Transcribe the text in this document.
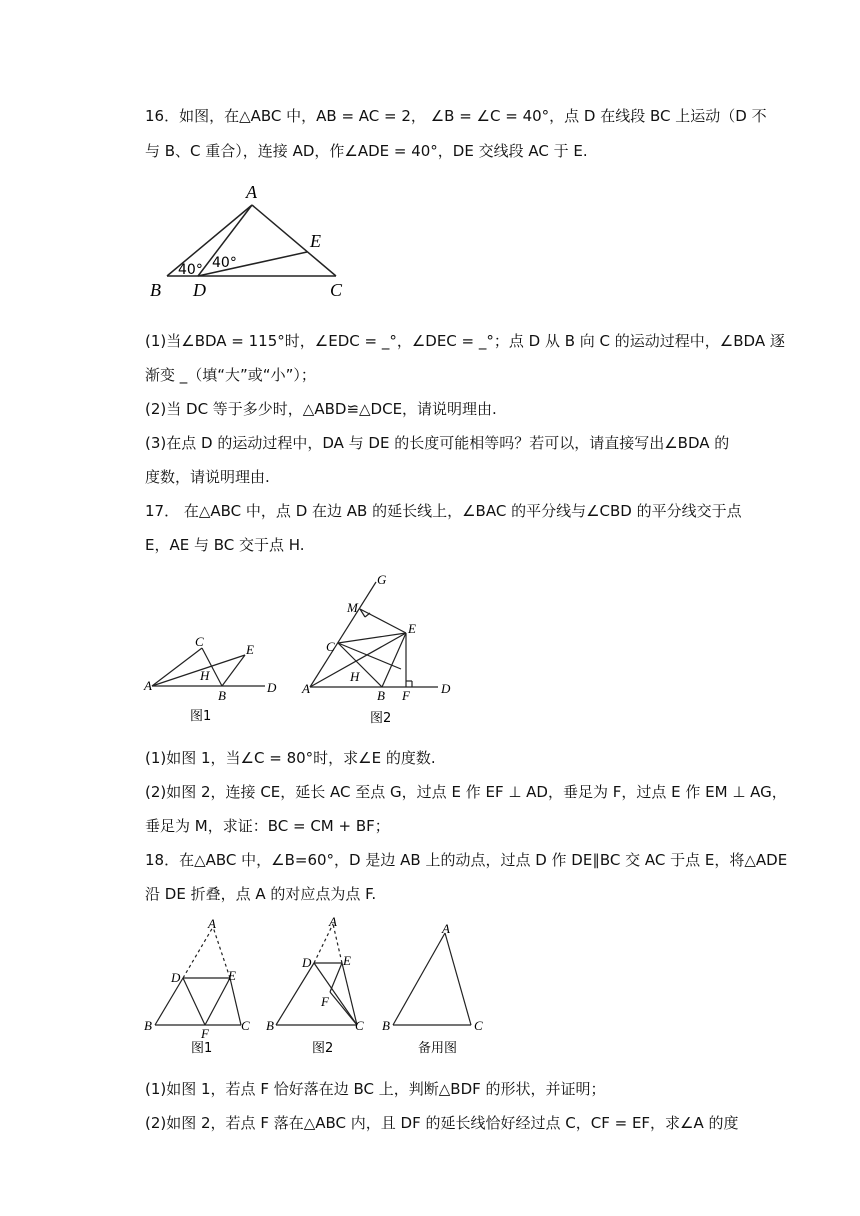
16．如图，在△ABC 中，AB = AC = 2， ∠B = ∠C = 40°，点 D 在线段 BC 上运动（D 不
与 B、C 重合），连接 AD，作∠ADE = 40°，DE 交线段 AC 于 E.
A
B D	C
E
40° 40°
(1)当∠BDA = 115°时，∠EDC = _°，∠DEC = _°；点 D 从 B 向 C 的运动过程中，∠BDA 逐
渐变 _（填“大”或“小”）；
(2)当 DC 等于多少时，△ABD≌△DCE，请说明理由.
(3)在点 D 的运动过程中，DA 与 DE 的长度可能相等吗？若可以，请直接写出∠BDA 的
度数，请说明理由.
17． 在△ABC 中，点 D 在边 AB 的延长线上，∠BAC 的平分线与∠CBD 的平分线交于点
E，AE 与 BC 交于点 H.
A
C
E
H
B
D
图1
A
G
M
E
C
H
B F D
图2
(1)如图 1，当∠C = 80°时，求∠E 的度数.
(2)如图 2，连接 CE，延长 AC 至点 G，过点 E 作 EF ⊥ AD，垂足为 F，过点 E 作 EM ⊥ AG，
垂足为 M，求证：BC = CM + BF；
18．在△ABC 中，∠B=60°，D 是边 AB 上的动点，过点 D 作 DE∥BC 交 AC 于点 E，将△ADE
沿 DE 折叠，点 A 的对应点为点 F.
A
D	E
B
F
C
图1
A
D E
F
B	C
图2
A
B	C
备用图
(1)如图 1，若点 F 恰好落在边 BC 上，判断△BDF 的形状，并证明；
(2)如图 2，若点 F 落在△ABC 内，且 DF 的延长线恰好经过点 C，CF = EF，求∠A 的度
